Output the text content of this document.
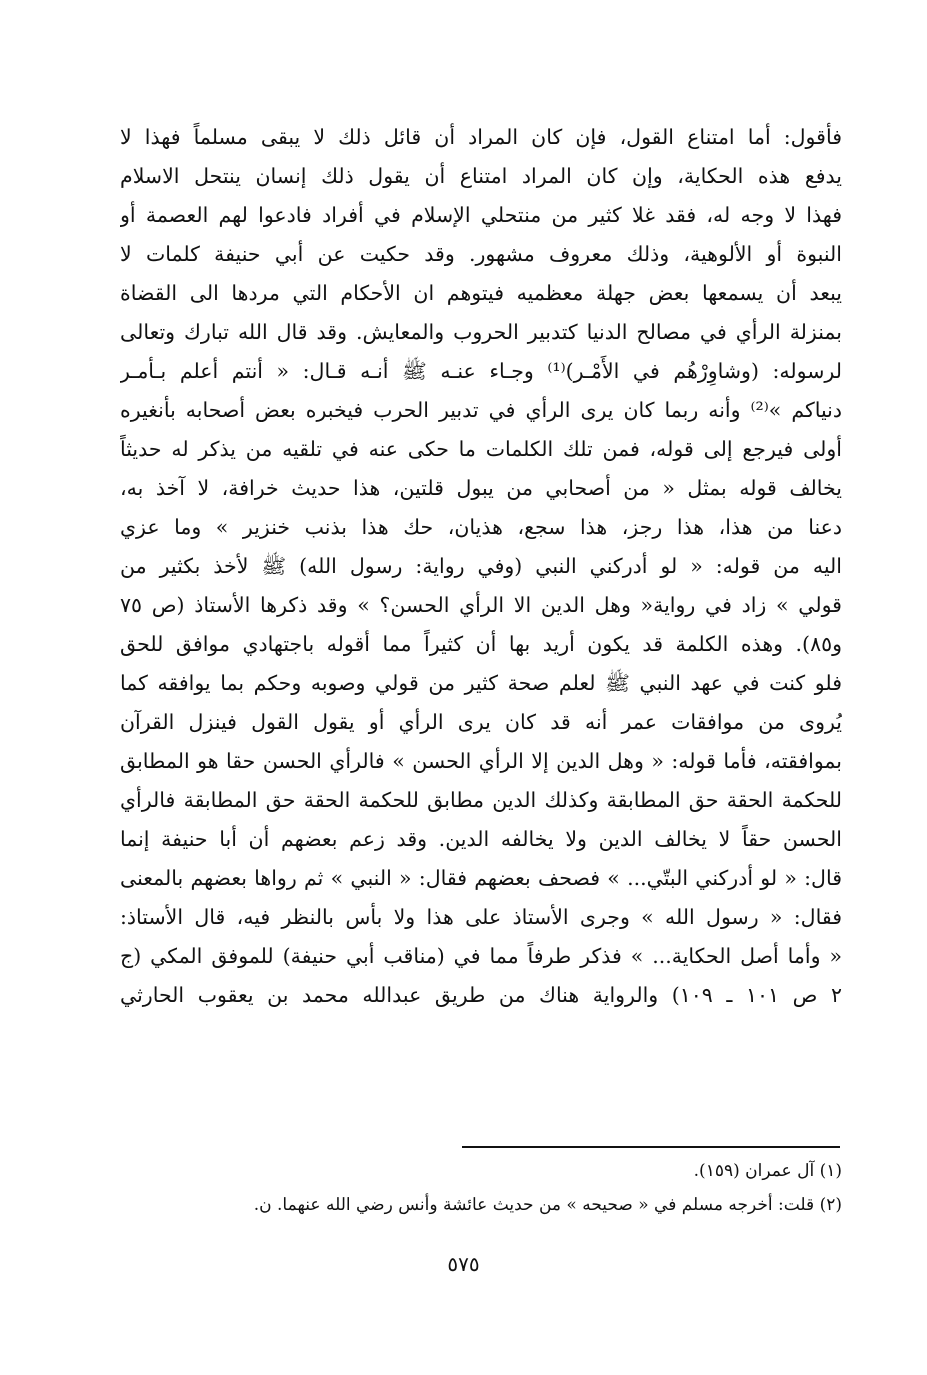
فأقول: أما امتناع القول، فإن كان المراد أن قائل ذلك لا يبقى مسلماً فهذا لا
يدفع هذه الحكاية، وإن كان المراد امتناع أن يقول ذلك إنسان ينتحل الاسلام
فهذا لا وجه له، فقد غلا كثير من منتحلي الإسلام في أفراد فادعوا لهم العصمة أو
النبوة أو الألوهية، وذلك معروف مشهور. وقد حكيت عن أبي حنيفة كلمات لا
يبعد أن يسمعها بعض جهلة معظميه فيتوهم ان الأحكام التي مردها الى القضاة
بمنزلة الرأي في مصالح الدنيا كتدبير الحروب والمعايش. وقد قال الله تبارك وتعالى
لرسوله: (وشاوِرْهُم في الأَمْـر)⁽¹⁾ وجـاء عنـه ﷺ أنـه قـال: « أنتم أعلم بـأمـر
دنياكم »⁽²⁾ وأنه ربما كان يرى الرأي في تدبير الحرب فيخبره بعض أصحابه بأنغيره
أولى فيرجع إلى قوله، فمن تلك الكلمات ما حكى عنه في تلقيه من يذكر له حديثاً
يخالف قوله بمثل « من أصحابي من يبول قلتين، هذا حديث خرافة، لا آخذ به،
دعنا من هذا، هذا رجز، هذا سجع، هذيان، حك هذا بذنب خنزير » وما عزي
اليه من قوله: « لو أدركني النبي (وفي رواية: رسول الله) ﷺ لأخذ بكثير من
قولي » زاد في رواية« وهل الدين الا الرأي الحسن؟ » وقد ذكرها الأستاذ (ص ٧٥
و٨٥). وهذه الكلمة قد يكون أريد بها أن كثيراً مما أقوله باجتهادي موافق للحق
فلو كنت في عهد النبي ﷺ لعلم صحة كثير من قولي وصوبه وحكم بما يوافقه كما
يُروى من موافقات عمر أنه قد كان يرى الرأي أو يقول القول فينزل القرآن
بموافقته، فأما قوله: « وهل الدين إلا الرأي الحسن » فالرأي الحسن حقا هو المطابق
للحكمة الحقة حق المطابقة وكذلك الدين مطابق للحكمة الحقة حق المطابقة فالرأي
الحسن حقاً لا يخالف الدين ولا يخالفه الدين. وقد زعم بعضهم أن أبا حنيفة إنما
قال: « لو أدركني البتّي... » فصحف بعضهم فقال: « النبي » ثم رواها بعضهم بالمعنى
فقال: « رسول الله » وجرى الأستاذ على هذا ولا بأس بالنظر فيه، قال الأستاذ:
« وأما أصل الحكاية... » فذكر طرفاً مما في (مناقب أبي حنيفة) للموفق المكي (ج
٢ ص ١٠١ ـ ١٠٩) والرواية هناك من طريق عبدالله محمد بن يعقوب الحارثي
(١) آل عمران (١٥٩).
(٢) قلت: أخرجه مسلم في « صحيحه » من حديث عائشة وأنس رضي الله عنهما. ن.
٥٧٥
